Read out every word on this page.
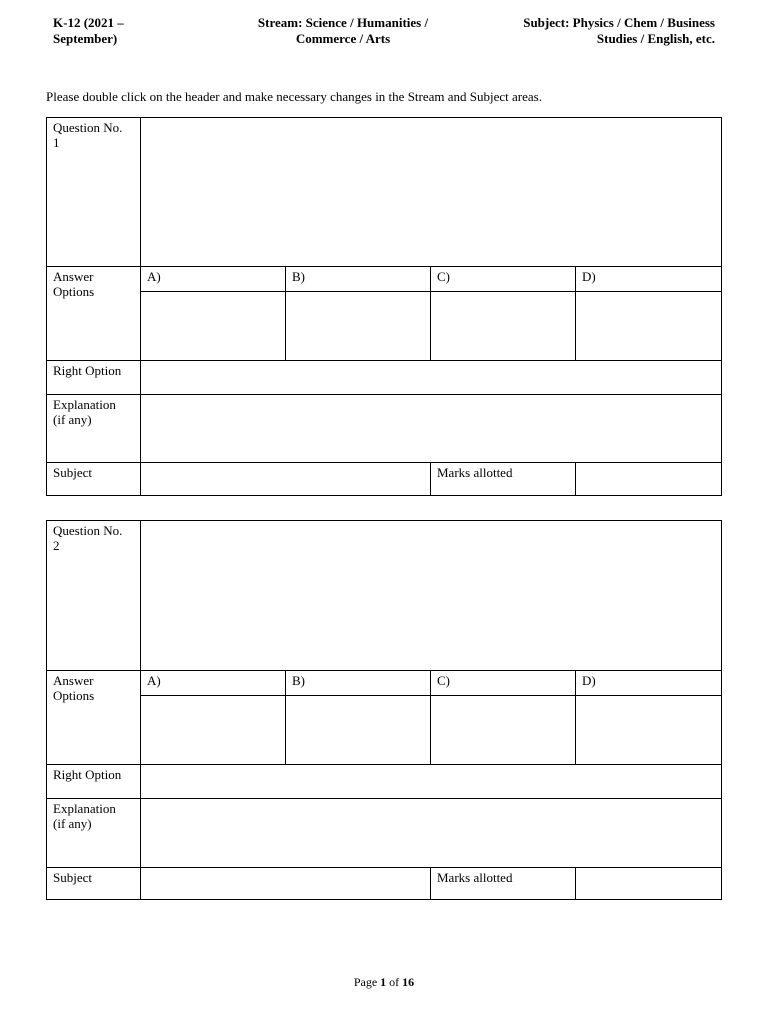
K-12 (2021 –
September)
Stream: Science / Humanities /
Commerce / Arts
Subject: Physics / Chem / Business
Studies / English, etc.
Please double click on the header and make necessary changes in the Stream and Subject areas.
Question No.
1				
Answer
Options	A)	B)	C)	D)

Right Option				
Explanation
(if any)				
Subject			Marks allotted	
Question No.
2				
Answer
Options	A)	B)	C)	D)

Right Option				
Explanation
(if any)				
Subject			Marks allotted	
Page 1 of 16
